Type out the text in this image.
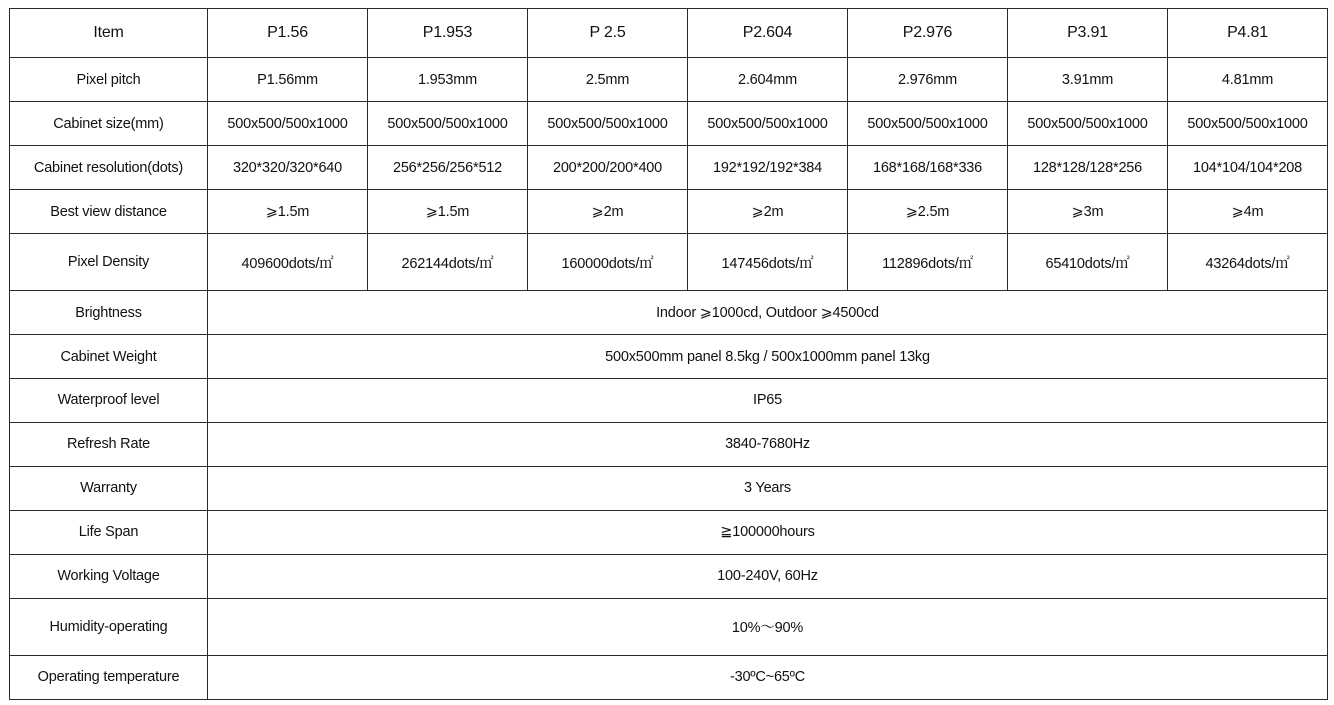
Item	P1.56	P1.953	P 2.5	P2.604	P2.976	P3.91	P4.81
Pixel pitch	P1.56mm	1.953mm	2.5mm	2.604mm	2.976mm	3.91mm	4.81mm
Cabinet size(mm)	500x500/500x1000	500x500/500x1000	500x500/500x1000	500x500/500x1000	500x500/500x1000	500x500/500x1000	500x500/500x1000
Cabinet resolution(dots)	320*320/320*640	256*256/256*512	200*200/200*400	192*192/192*384	168*168/168*336	128*128/128*256	104*104/104*208
Best view distance	⩾1.5m	⩾1.5m	⩾2m	⩾2m	⩾2.5m	⩾3m	⩾4m
Pixel Density	409600dots/㎡	262144dots/㎡	160000dots/㎡	147456dots/㎡	112896dots/㎡	65410dots/㎡	43264dots/㎡
Brightness	Indoor ⩾1000cd, Outdoor ⩾4500cd						
Cabinet Weight	500x500mm panel 8.5kg / 500x1000mm panel 13kg						
Waterproof level	IP65						
Refresh Rate	3840-7680Hz						
Warranty	3 Years						
Life Span	≧100000hours						
Working Voltage	100-240V, 60Hz						
Humidity-operating	10%～90%						
Operating temperature	-30ºC~65ºC						
